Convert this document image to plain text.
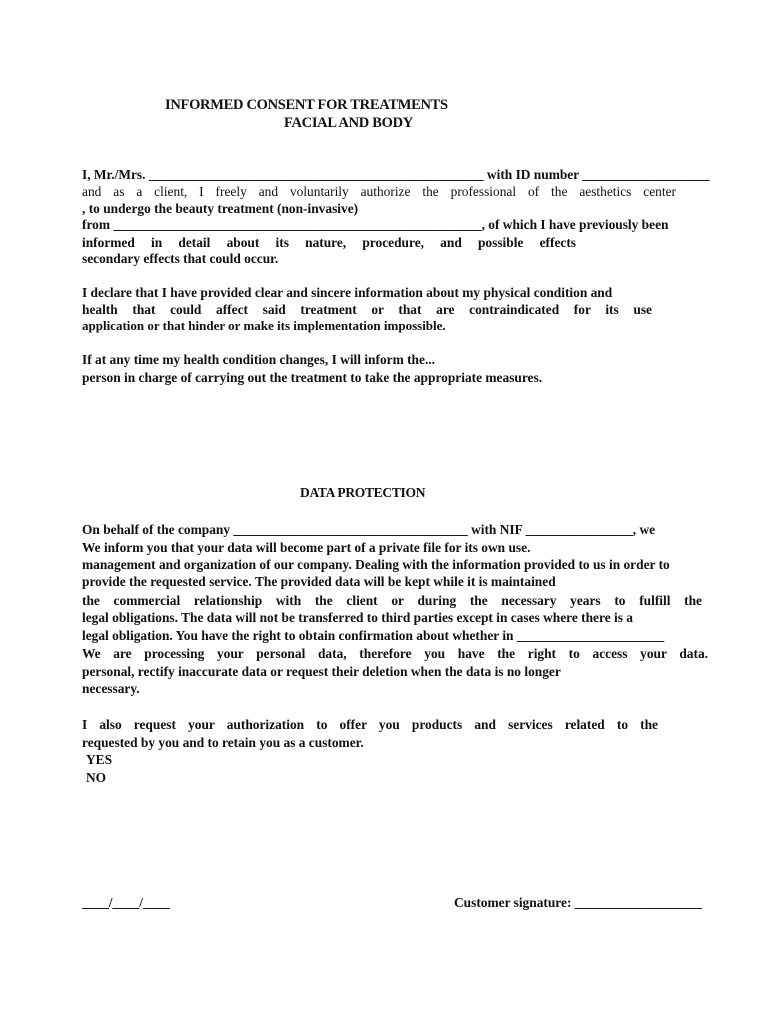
INFORMED CONSENT FOR TREATMENTS
FACIAL AND BODY
I, Mr./Mrs. __________________________________________________ with ID number ___________________
and as a client, I freely and voluntarily authorize the professional of the aesthetics center
, to undergo the beauty treatment (non-invasive)
from _______________________________________________________, of which I have previously been
informed in detail about its nature, procedure, and possible effects
secondary effects that could occur.
I declare that I have provided clear and sincere information about my physical condition and
health that could affect said treatment or that are contraindicated for its use
application or that hinder or make its implementation impossible.
If at any time my health condition changes, I will inform the...
person in charge of carrying out the treatment to take the appropriate measures.
DATA PROTECTION
On behalf of the company ___________________________________ with NIF ________________, we
We inform you that your data will become part of a private file for its own use.
management and organization of our company. Dealing with the information provided to us in order to
provide the requested service. The provided data will be kept while it is maintained
the commercial relationship with the client or during the necessary years to fulfill the
legal obligations. The data will not be transferred to third parties except in cases where there is a
legal obligation. You have the right to obtain confirmation about whether in ______________________
We are processing your personal data, therefore you have the right to access your data.
personal, rectify inaccurate data or request their deletion when the data is no longer
necessary.
I also request your authorization to offer you products and services related to the
requested by you and to retain you as a customer.
YES
NO
____/____/____	Customer signature: ___________________
